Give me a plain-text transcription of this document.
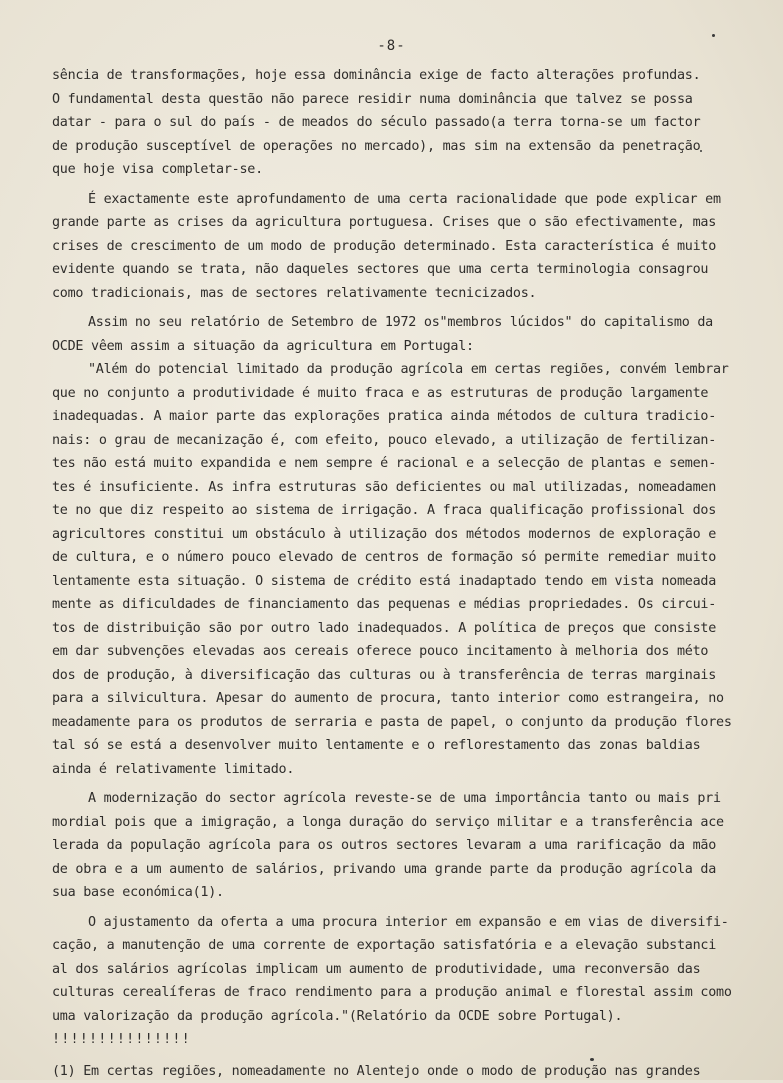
-8-
sência de transformações, hoje essa dominância exige de facto alterações profundas.
O fundamental desta questão não parece residir numa dominância que talvez se possa
datar - para o sul do país - de meados do século passado(a terra torna-se um factor
de produção susceptível de operações no mercado), mas sim na extensão da penetração
que hoje visa completar-se.
É exactamente este aprofundamento de uma certa racionalidade que pode explicar em
grande parte as crises da agricultura portuguesa. Crises que o são efectivamente, mas
crises de crescimento de um modo de produção determinado. Esta característica é muito
evidente quando se trata, não daqueles sectores que uma certa terminologia consagrou
como tradicionais, mas de sectores relativamente tecnicizados.
Assim no seu relatório de Setembro de 1972 os"membros lúcidos" do capitalismo da
OCDE vêem assim a situação da agricultura em Portugal:
"Além do potencial limitado da produção agrícola em certas regiões, convém lembrar
que no conjunto a produtividade é muito fraca e as estruturas de produção largamente
inadequadas. A maior parte das explorações pratica ainda métodos de cultura tradicio-
nais: o grau de mecanização é, com efeito, pouco elevado, a utilização de fertilizan-
tes não está muito expandida e nem sempre é racional e a selecção de plantas e semen-
tes é insuficiente. As infra estruturas são deficientes ou mal utilizadas, nomeadamen
te no que diz respeito ao sistema de irrigação. A fraca qualificação profissional dos
agricultores constitui um obstáculo à utilização dos métodos modernos de exploração e
de cultura, e o número pouco elevado de centros de formação só permite remediar muito
lentamente esta situação. O sistema de crédito está inadaptado tendo em vista nomeada
mente as dificuldades de financiamento das pequenas e médias propriedades. Os circui-
tos de distribuição são por outro lado inadequados. A política de preços que consiste
em dar subvenções elevadas aos cereais oferece pouco incitamento à melhoria dos méto
dos de produção, à diversificação das culturas ou à transferência de terras marginais
para a silvicultura. Apesar do aumento de procura, tanto interior como estrangeira, no
meadamente para os produtos de serraria e pasta de papel, o conjunto da produção flores
tal só se está a desenvolver muito lentamente e o reflorestamento das zonas baldias
ainda é relativamente limitado.
A modernização do sector agrícola reveste-se de uma importância tanto ou mais pri
mordial pois que a imigração, a longa duração do serviço militar e a transferência ace
lerada da população agrícola para os outros sectores levaram a uma rarificação da mão
de obra e a um aumento de salários, privando uma grande parte da produção agrícola da
sua base económica(1).
O ajustamento da oferta a uma procura interior em expansão e em vias de diversifi-
cação, a manutenção de uma corrente de exportação satisfatória e a elevação substanci
al dos salários agrícolas implicam um aumento de produtividade, uma reconversão das
culturas cerealíferas de fraco rendimento para a produção animal e florestal assim como
uma valorização da produção agrícola."(Relatório da OCDE sobre Portugal).
!!!!!!!!!!!!!!!
(1) Em certas regiões, nomeadamente no Alentejo onde o modo de produção nas grandes
